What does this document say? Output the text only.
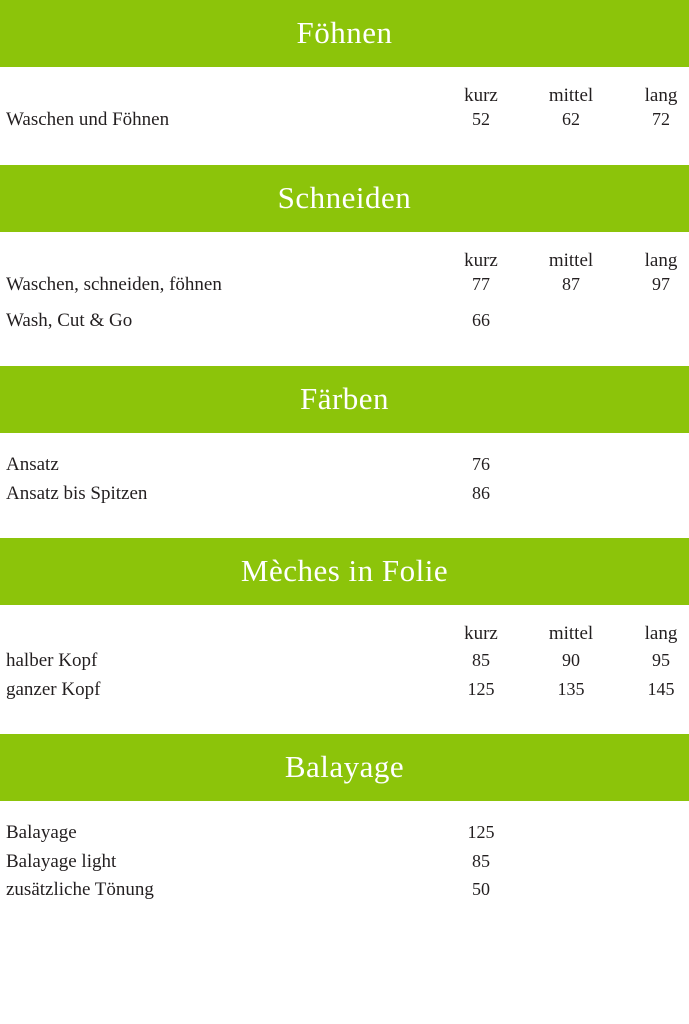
Föhnen
kurz	mittel	lang
Waschen und Föhnen	52	62	72
Schneiden
kurz	mittel	lang
Waschen, schneiden, föhnen	77	87	97
Wash, Cut & Go	66
Färben
Ansatz	76
Ansatz bis Spitzen	86
Mèches in Folie
kurz	mittel	lang
halber Kopf	85	90	95
ganzer Kopf	125	135	145
Balayage
Balayage	125
Balayage light	85
zusätzliche Tönung	50
